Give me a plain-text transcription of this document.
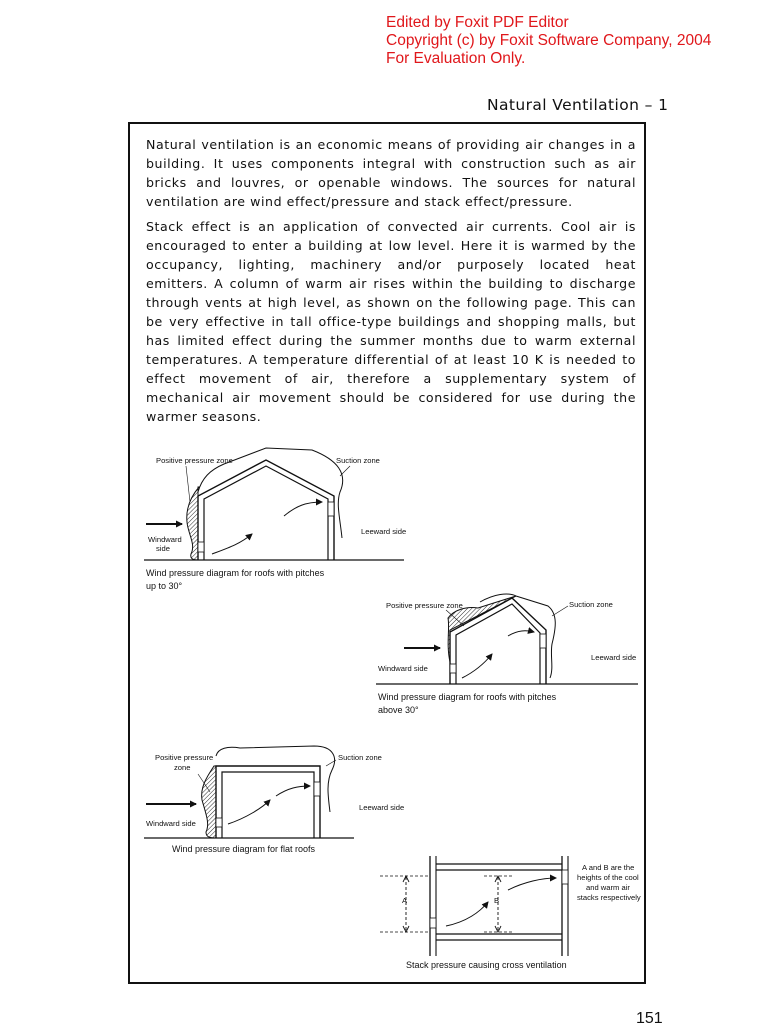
Edited by Foxit PDF Editor
Copyright (c) by Foxit Software Company, 2004
For Evaluation Only.
Natural Ventilation – 1

Natural ventilation is an economic means of providing air changes in a building. It uses components integral with construction such as air bricks and louvres, or openable windows. The sources for natural ventilation are wind effect/pressure and stack effect/pressure.

Stack effect is an application of convected air currents. Cool air is encouraged to enter a building at low level. Here it is warmed by the occupancy, lighting, machinery and/or purposely located heat emitters. A column of warm air rises within the building to discharge through vents at high level, as shown on the following page. This can be very effective in tall office-type buildings and shopping malls, but has limited effect during the summer months due to warm external temperatures. A temperature differential of at least 10 K is needed to effect movement of air, therefore a supplementary system of mechanical air movement should be considered for use during the warmer seasons.

Positive pressure zone	Suction zone
Windward
side
Leeward side
Wind pressure diagram for roofs with pitches
up to 30°
Positive pressure zone	Suction zone
Windward side
Leeward side
Wind pressure diagram for roofs with pitches
above 30°
Positive pressure
zone
Suction zone
Windward side
Leeward side
Wind pressure diagram for flat roofs
A	B
A and B are the
heights of the cool
and warm air
stacks respectively
Stack pressure causing cross ventilation
151
